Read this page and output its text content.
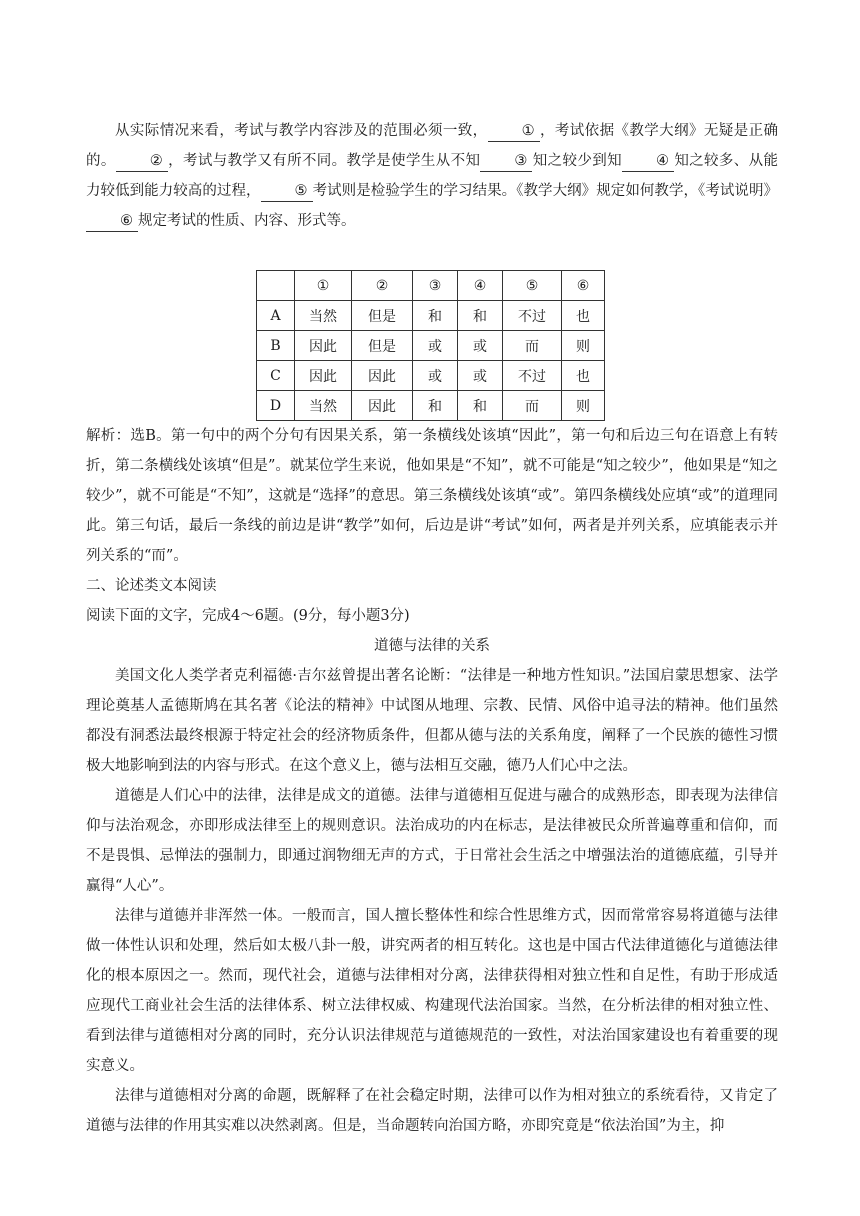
从实际情况来看，考试与教学内容涉及的范围必须一致， ① ，考试依据《教学大纲》无疑是正确的。 ② ，考试与教学又有所不同。教学是使学生从不知 ③ 知之较少到知 ④ 知之较多、从能力较低到能力较高的过程， ⑤ 考试则是检验学生的学习结果。《教学大纲》规定如何教学，《考试说明》⑥ 规定考试的性质、内容、形式等。

	①	②	③	④	⑤	⑥
A	当然	但是	和	和	不过	也
B	因此	但是	或	或	而	则
C	因此	因此	或	或	不过	也
D	当然	因此	和	和	而	则

解析：选B。第一句中的两个分句有因果关系，第一条横线处该填“因此”，第一句和后边三句在语意上有转折，第二条横线处该填“但是”。就某位学生来说，他如果是“不知”，就不可能是“知之较少”，他如果是“知之较少”，就不可能是“不知”，这就是“选择”的意思。第三条横线处该填“或”。第四条横线处应填“或”的道理同此。第三句话，最后一条线的前边是讲“教学”如何，后边是讲“考试”如何，两者是并列关系，应填能表示并列关系的“而”。

二、论述类文本阅读

阅读下面的文字，完成4～6题。(9分，每小题3分)

道德与法律的关系

美国文化人类学者克利福德·吉尔兹曾提出著名论断：“法律是一种地方性知识。”法国启蒙思想家、法学理论奠基人孟德斯鸠在其名著《论法的精神》中试图从地理、宗教、民情、风俗中追寻法的精神。他们虽然都没有洞悉法最终根源于特定社会的经济物质条件，但都从德与法的关系角度，阐释了一个民族的德性习惯极大地影响到法的内容与形式。在这个意义上，德与法相互交融，德乃人们心中之法。

道德是人们心中的法律，法律是成文的道德。法律与道德相互促进与融合的成熟形态，即表现为法律信仰与法治观念，亦即形成法律至上的规则意识。法治成功的内在标志，是法律被民众所普遍尊重和信仰，而不是畏惧、忌惮法的强制力，即通过润物细无声的方式，于日常社会生活之中增强法治的道德底蕴，引导并赢得“人心”。

法律与道德并非浑然一体。一般而言，国人擅长整体性和综合性思维方式，因而常常容易将道德与法律做一体性认识和处理，然后如太极八卦一般，讲究两者的相互转化。这也是中国古代法律道德化与道德法律化的根本原因之一。然而，现代社会，道德与法律相对分离，法律获得相对独立性和自足性，有助于形成适应现代工商业社会生活的法律体系、树立法律权威、构建现代法治国家。当然，在分析法律的相对独立性、看到法律与道德相对分离的同时，充分认识法律规范与道德规范的一致性，对法治国家建设也有着重要的现实意义。

法律与道德相对分离的命题，既解释了在社会稳定时期，法律可以作为相对独立的系统看待，又肯定了道德与法律的作用其实难以决然剥离。但是，当命题转向治国方略，亦即究竟是“依法治国”为主，抑
